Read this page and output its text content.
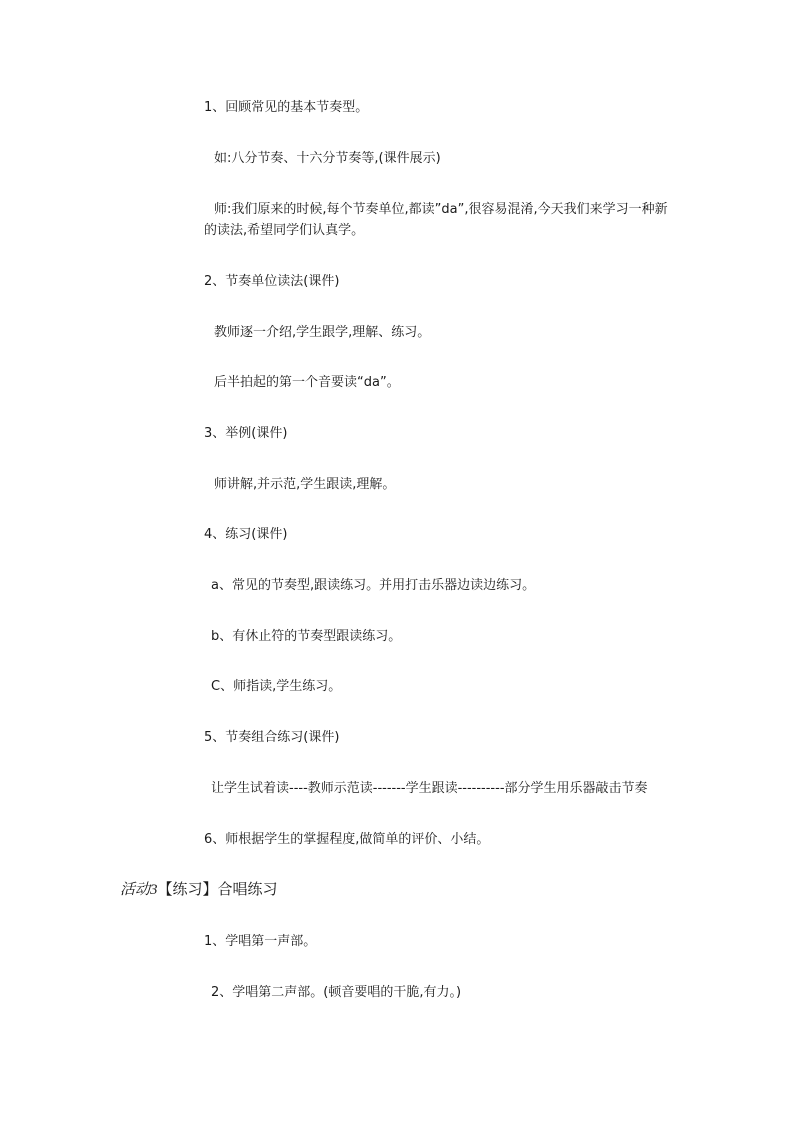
1、回顾常见的基本节奏型。

如:八分节奏、十六分节奏等,(课件展示)

师:我们原来的时候,每个节奏单位,都读”da”,很容易混淆,今天我们来学习一种新的读法,希望同学们认真学。

2、节奏单位读法(课件)

教师逐一介绍,学生跟学,理解、练习。

后半拍起的第一个音要读“da”。

3、举例(课件)

师讲解,并示范,学生跟读,理解。

4、练习(课件)

a、常见的节奏型,跟读练习。并用打击乐器边读边练习。

b、有休止符的节奏型跟读练习。

C、师指读,学生练习。

5、节奏组合练习(课件)

让学生试着读----教师示范读-------学生跟读----------部分学生用乐器敲击节奏

6、师根据学生的掌握程度,做简单的评价、小结。

活动3【练习】合唱练习

1、学唱第一声部。

2、学唱第二声部。(顿音要唱的干脆,有力。)
